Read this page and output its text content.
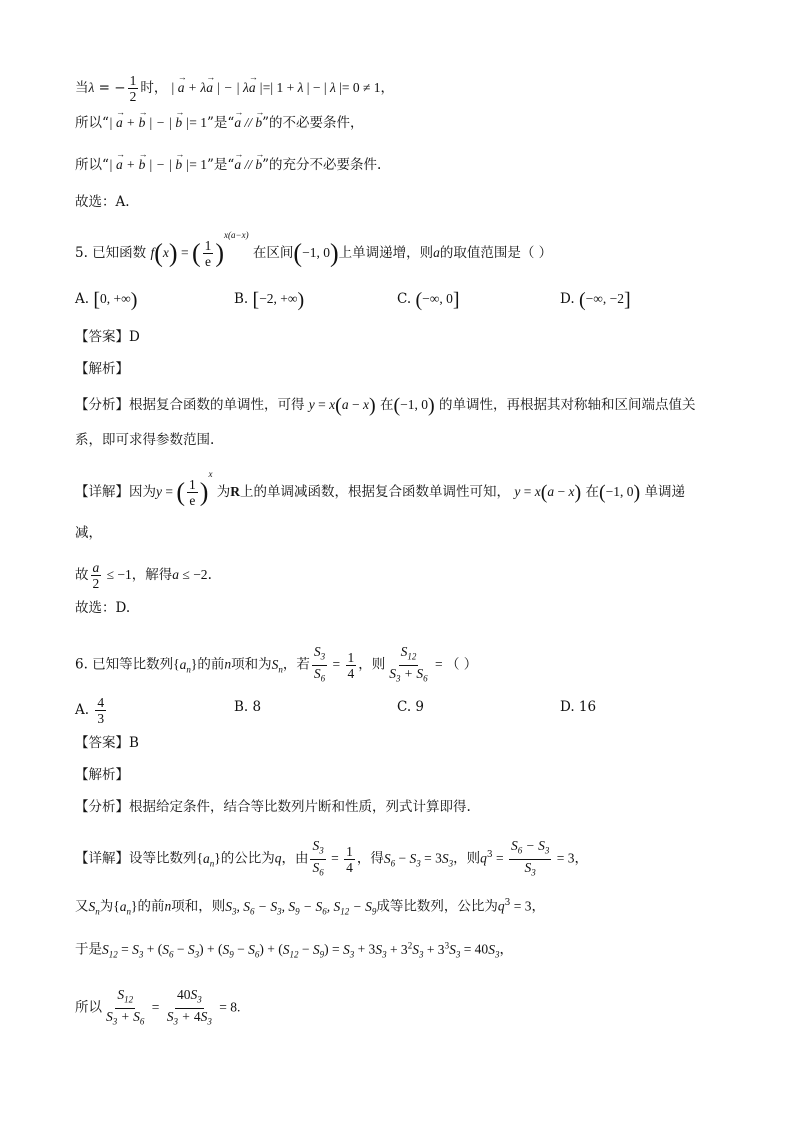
当λ = − $\frac{1}{2}$ 时， | → a + λ→ a | − | λ→ a |=| 1 + λ | − | λ |= 0 ≠ 1，
所以“| → a + → b | − | → b |= 1”是“→ a // → b”的不必要条件，
所以“| → a + → b | − | → b |= 1”是“→ a // → b”的充分不必要条件.
故选：A.
5. 已知函数 f(x) = ( $\frac{1}{e} )^{x(a-x)}$ 在区间(−1, 0)上单调递增，则a的取值范围是（ ）
A. [0, +∞)	B. [−2, +∞)	C. (−∞, 0]	D. (−∞, −2]
【答案】D
【解析】
【分析】根据复合函数的单调性，可得 y = x(a − x) 在(−1, 0) 的单调性，再根据其对称轴和区间端点值关
系，即可求得参数范围.
【详解】因为y = ( $\frac{1}{e} )^x$ 为R上的单调减函数，根据复合函数单调性可知， y = x(a − x) 在(−1, 0) 单调递
减，
故 $\frac{a}{2} \le -1$，解得a ≤ −2.
故选：D.
6. 已知等比数列$\{a_n\}$的前n项和为$S_n$，若 $\frac{S_3}{S_6} = \frac{1}{4}$ ，则 $\frac{S_{12}}{S_3 + S_6}$ = （ ）
A. $\frac{4}{3}$	B. 8	C. 9	D. 16
【答案】B
【解析】
【分析】根据给定条件，结合等比数列片断和性质，列式计算即得.
【详解】设等比数列$\{a_n\}$的公比为q，由 $\frac{S_3}{S_6} = \frac{1}{4}$ ，得$S_6 - S_3 = 3S_3$，则$q^3 = \frac{S_6 - S_3}{S_3} = 3$，
又$S_n$为$\{a_n\}$的前n项和，则$S_3$, $S_6 - S_3$, $S_9 - S_6$, $S_{12} - S_9$成等比数列，公比为$q^3 = 3$，
于是$S_{12} = S_3 + (S_6 - S_3) + (S_9 - S_6) + (S_{12} - S_9) = S_3 + 3S_3 + 3^2S_3 + 3^3S_3 = 40S_3$，
所以 $\frac{S_{12}}{S_3 + S_6} = \frac{40S_3}{S_3 + 4S_3} = 8$.
